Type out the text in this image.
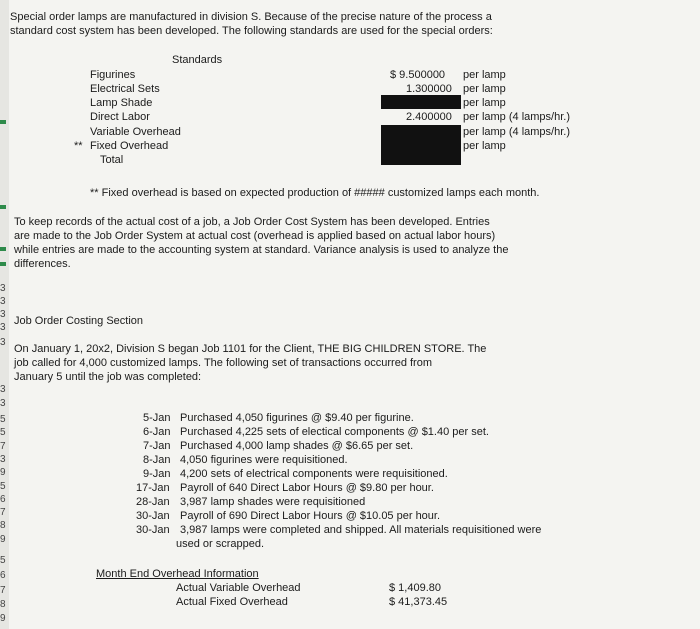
3
3
3
3
3
3
3
5
5
7
3
9
5
6
7
8
9
5
6
7
8
9
Special order lamps are manufactured in division S. Because of the precise nature of the process a
standard cost system has been developed. The following standards are used for the special orders:
Standards
Figurines
Electrical Sets
Lamp Shade
Direct Labor
Variable Overhead
** Fixed Overhead
Total
$ 9.500000
1.300000
2.400000
per lamp
per lamp
per lamp
per lamp (4 lamps/hr.)
per lamp (4 lamps/hr.)
per lamp
** Fixed overhead is based on expected production of ##### customized lamps each month.
To keep records of the actual cost of a job, a Job Order Cost System has been developed. Entries
are made to the Job Order System at actual cost (overhead is applied based on actual labor hours)
while entries are made to the accounting system at standard. Variance analysis is used to analyze the
differences.
Job Order Costing Section
On January 1, 20x2, Division S began Job 1101 for the Client, THE BIG CHILDREN STORE. The
job called for 4,000 customized lamps. The following set of transactions occurred from
January 5 until the job was completed:
5-Jan Purchased 4,050 figurines @ $9.40 per figurine.
6-Jan Purchased 4,225 sets of electical components @ $1.40 per set.
7-Jan Purchased 4,000 lamp shades @ $6.65 per set.
8-Jan 4,050 figurines were requisitioned.
9-Jan 4,200 sets of electrical components were requisitioned.
17-Jan Payroll of 640 Direct Labor Hours @ $9.80 per hour.
28-Jan 3,987 lamp shades were requisitioned
30-Jan Payroll of 690 Direct Labor Hours @ $10.05 per hour.
30-Jan 3,987 lamps were completed and shipped. All materials requisitioned were
used or scrapped.
Month End Overhead Information
Actual Variable Overhead	$ 1,409.80
Actual Fixed Overhead	$ 41,373.45
